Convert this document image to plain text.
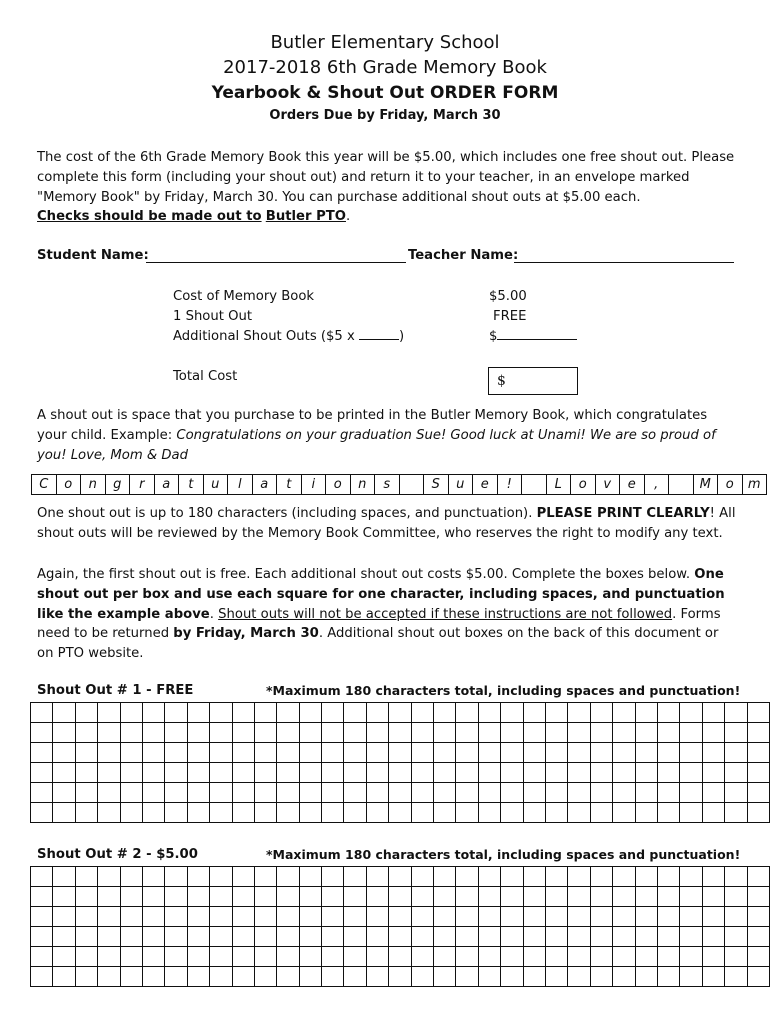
Butler Elementary School
2017-2018 6th Grade Memory Book
Yearbook & Shout Out ORDER FORM
Orders Due by Friday, March 30

The cost of the 6th Grade Memory Book this year will be $5.00, which includes one free shout out. Please complete this form (including your shout out) and return it to your teacher, in an envelope marked "Memory Book" by Friday, March 30. You can purchase additional shout outs at $5.00 each.
Checks should be made out to Butler PTO.

Student Name:	Teacher Name:
Cost of Memory Book	$5.00
1 Shout Out	FREE
Additional Shout Outs ($5 x	)	$
Total Cost	$

A shout out is space that you purchase to be printed in the Butler Memory Book, which congratulates your child. Example: Congratulations on your graduation Sue! Good luck at Unami! We are so proud of you! Love, Mom & Dad

C	o	n	g	r	a	t	u	l	a	t	i	o	n	s		S	u	e	!		L	o	v	e	,		M	o	m

One shout out is up to 180 characters (including spaces, and punctuation). PLEASE PRINT CLEARLY! All shout outs will be reviewed by the Memory Book Committee, who reserves the right to modify any text.

Again, the first shout out is free. Each additional shout out costs $5.00. Complete the boxes below. One shout out per box and use each square for one character, including spaces, and punctuation like the example above. Shout outs will not be accepted if these instructions are not followed. Forms need to be returned by Friday, March 30. Additional shout out boxes on the back of this document or on PTO website.

Shout Out # 1 - FREE	*Maximum 180 characters total, including spaces and punctuation!

Shout Out # 2 - $5.00	*Maximum 180 characters total, including spaces and punctuation!
